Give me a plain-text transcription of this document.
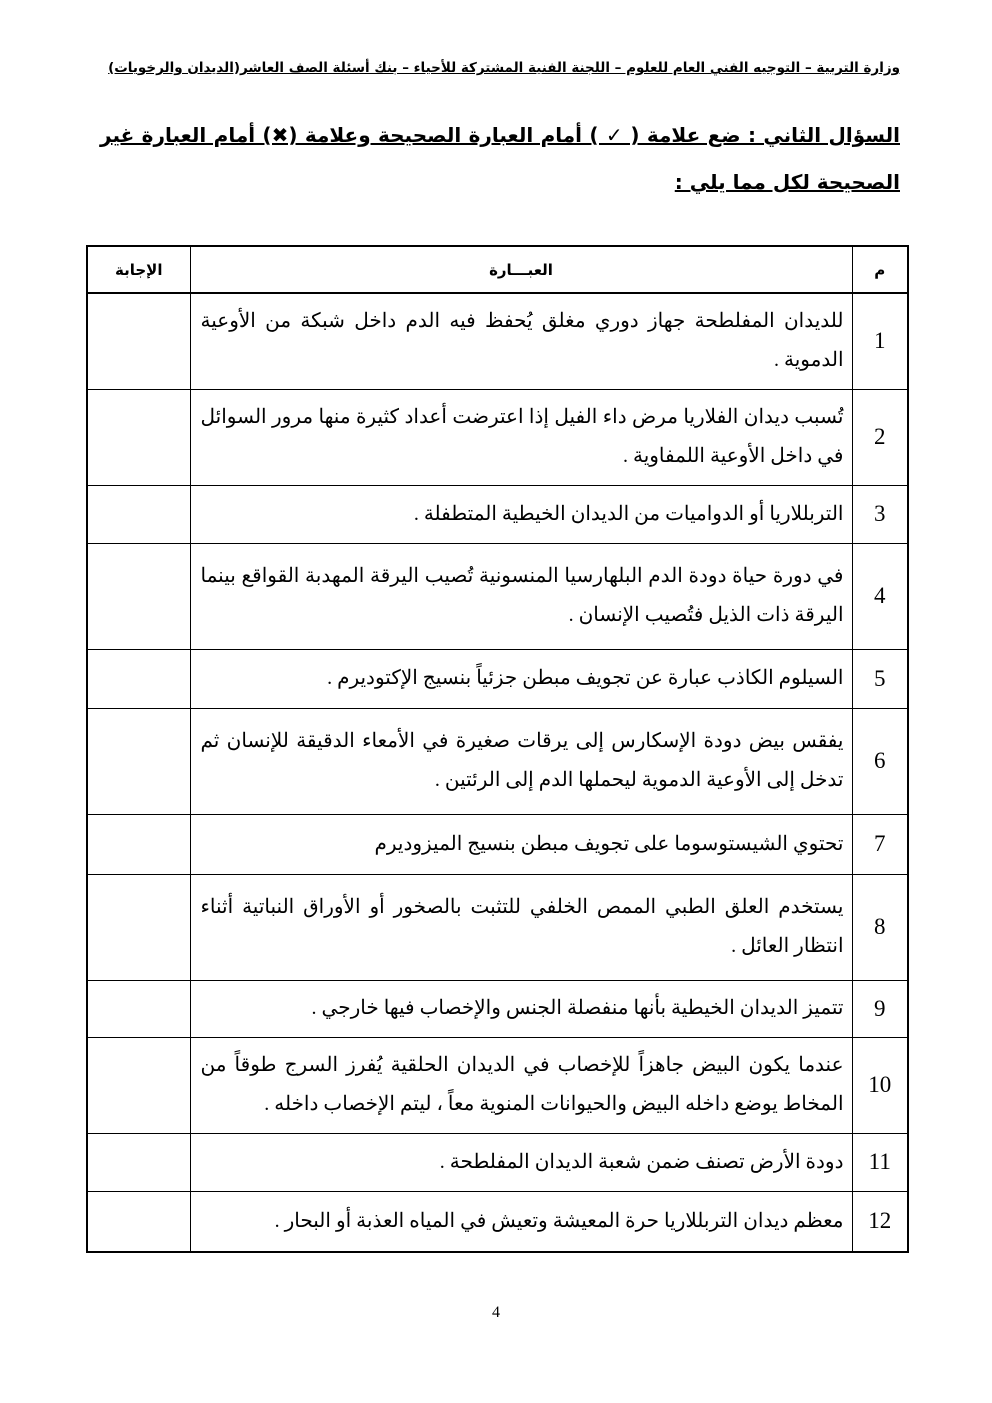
وزارة التربية – التوجيه الفني العام للعلوم – اللجنة الفنية المشتركة للأحياء – بنك أسئلة الصف العاشر(الديدان والرخويات)
السؤال الثاني : ضع علامة ( ✓ ) أمام العبارة الصحيحة وعلامة (✖) أمام العبارة غير الصحيحة لكل مما يلي :
م	العبـــارة	الإجابة
1	للديدان المفلطحة جهاز دوري مغلق يُحفظ فيه الدم داخل شبكة من الأوعية الدموية .	
2	تُسبب ديدان الفلاريا مرض داء الفيل إذا اعترضت أعداد كثيرة منها مرور السوائل في داخل الأوعية اللمفاوية .	
3	التربللاريا أو الدواميات من الديدان الخيطية المتطفلة .	
4	في دورة حياة دودة الدم البلهارسيا المنسونية تُصيب اليرقة المهدبة القواقع بينما اليرقة ذات الذيل فتُصيب الإنسان .	
5	السيلوم الكاذب عبارة عن تجويف مبطن جزئياً بنسيج الإكتوديرم .	
6	يفقس بيض دودة الإسكارس إلى يرقات صغيرة في الأمعاء الدقيقة للإنسان ثم تدخل إلى الأوعية الدموية ليحملها الدم إلى الرئتين .	
7	تحتوي الشيستوسوما على تجويف مبطن بنسيج الميزوديرم	
8	يستخدم العلق الطبي الممص الخلفي للتثبت بالصخور أو الأوراق النباتية أثناء انتظار العائل .	
9	تتميز الديدان الخيطية بأنها منفصلة الجنس والإخصاب فيها خارجي .	
10	عندما يكون البيض جاهزاً للإخصاب في الديدان الحلقية يُفرز السرج طوقاً من المخاط يوضع داخله البيض والحيوانات المنوية معاً ، ليتم الإخصاب داخله .	
11	دودة الأرض تصنف ضمن شعبة الديدان المفلطحة .	
12	معظم ديدان التربللاريا حرة المعيشة وتعيش في المياه العذبة أو البحار .	
4
